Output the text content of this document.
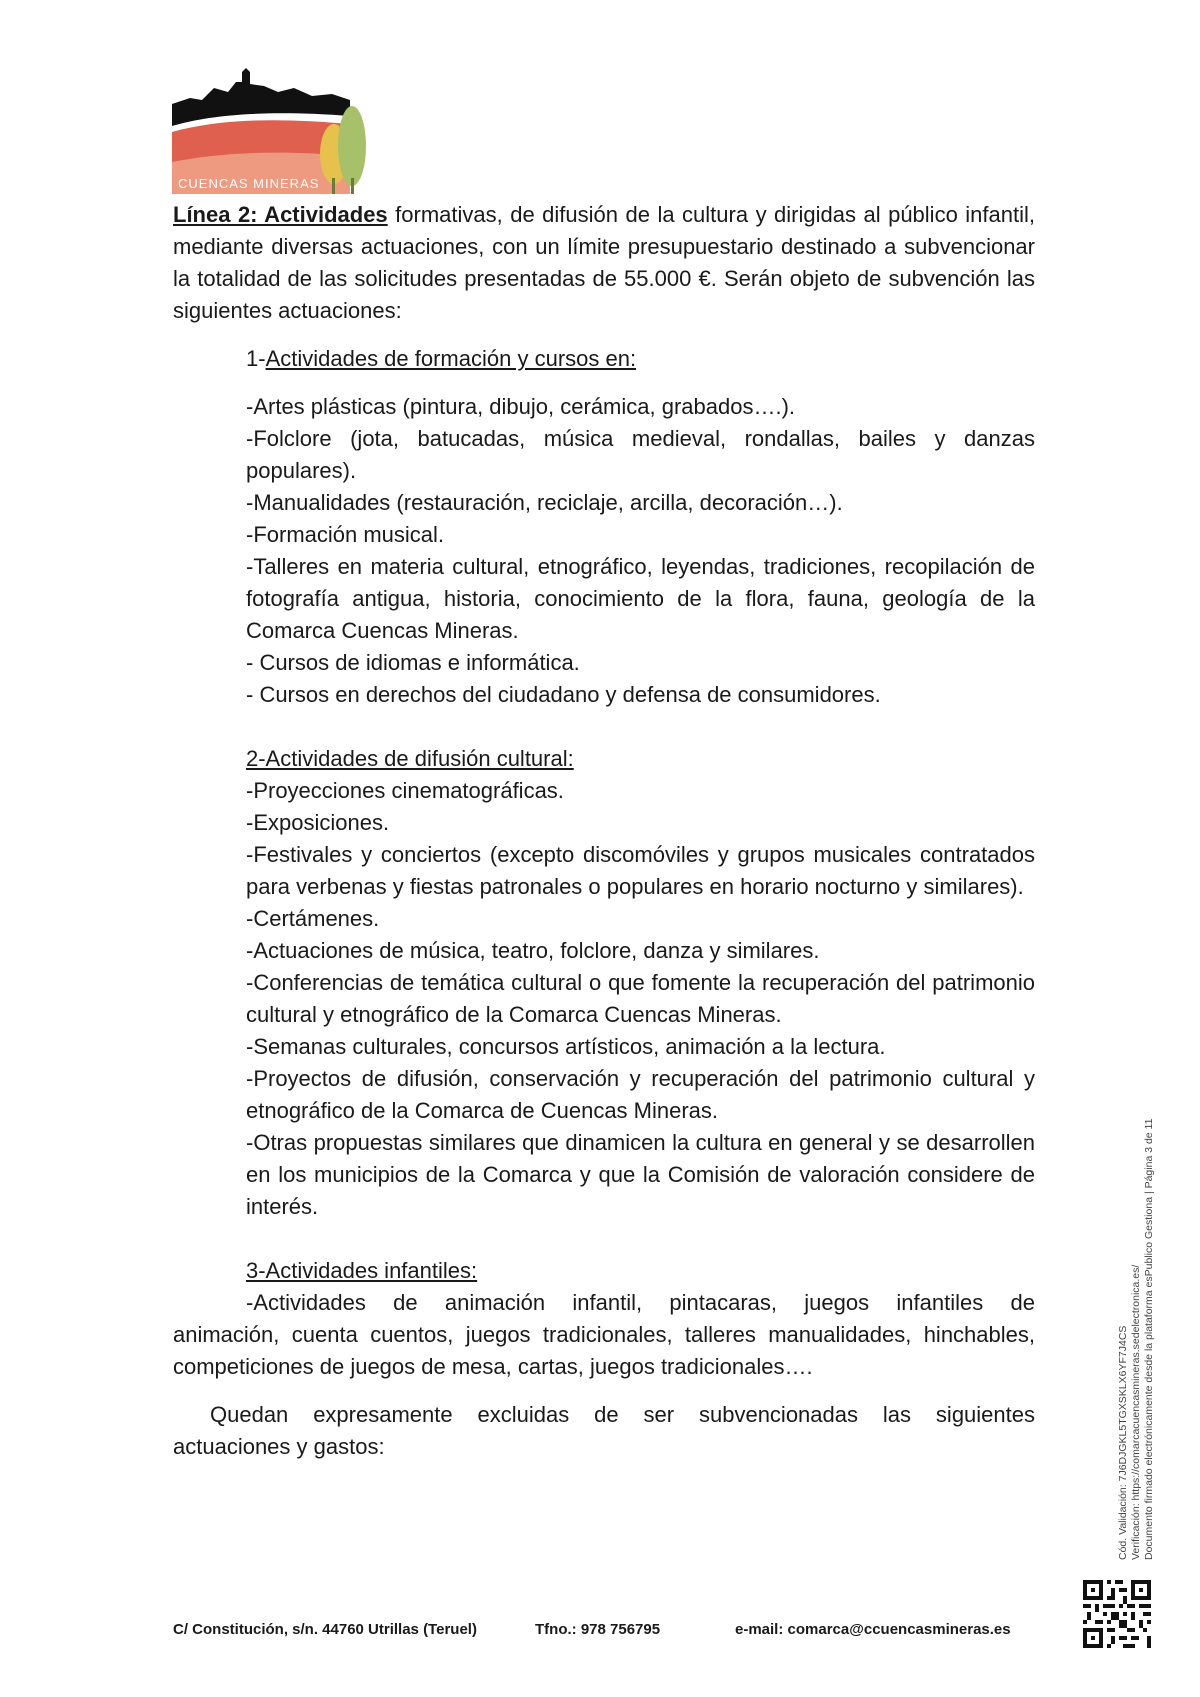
CUENCAS MINERAS

Línea 2: Actividades formativas, de difusión de la cultura y dirigidas al público infantil, mediante diversas actuaciones, con un límite presupuestario destinado a subvencionar la totalidad de las solicitudes presentadas de 55.000 €. Serán objeto de subvención las siguientes actuaciones:

1-Actividades de formación y cursos en:

-Artes plásticas (pintura, dibujo, cerámica, grabados….).

-Folclore (jota, batucadas, música medieval, rondallas, bailes y danzas populares).

-Manualidades (restauración, reciclaje, arcilla, decoración…).

-Formación musical.

-Talleres en materia cultural, etnográfico, leyendas, tradiciones, recopilación de fotografía antigua, historia, conocimiento de la flora, fauna, geología de la Comarca Cuencas Mineras.

- Cursos de idiomas e informática.

- Cursos en derechos del ciudadano y defensa de consumidores.

2-Actividades de difusión cultural:

-Proyecciones cinematográficas.

-Exposiciones.

-Festivales y conciertos (excepto discomóviles y grupos musicales contratados para verbenas y fiestas patronales o populares en horario nocturno y similares).

-Certámenes.

-Actuaciones de música, teatro, folclore, danza y similares.

-Conferencias de temática cultural o que fomente la recuperación del patrimonio cultural y etnográfico de la Comarca Cuencas Mineras.

-Semanas culturales, concursos artísticos, animación a la lectura.

-Proyectos de difusión, conservación y recuperación del patrimonio cultural y etnográfico de la Comarca de Cuencas Mineras.

-Otras propuestas similares que dinamicen la cultura en general y se desarrollen en los municipios de la Comarca y que la Comisión de valoración considere de interés.

3-Actividades infantiles:

-Actividades de animación infantil, pintacaras, juegos infantiles de

animación, cuenta cuentos, juegos tradicionales, talleres manualidades, hinchables, competiciones de juegos de mesa, cartas, juegos tradicionales….

Quedan expresamente excluidas de ser subvencionadas las siguientes

actuaciones y gastos:

C/ Constitución, s/n. 44760 Utrillas (Teruel)	Tfno.: 978 756795	e-mail: comarca@ccuencasmineras.es
Cód. Validación: 7J6DJGKL5TGXSKLX6YF7J4CS Verificación: https://comarcacuencasmineras.sedelectronica.es/ Documento firmado electrónicamente desde la plataforma esPublico Gestiona | Página 3 de 11
